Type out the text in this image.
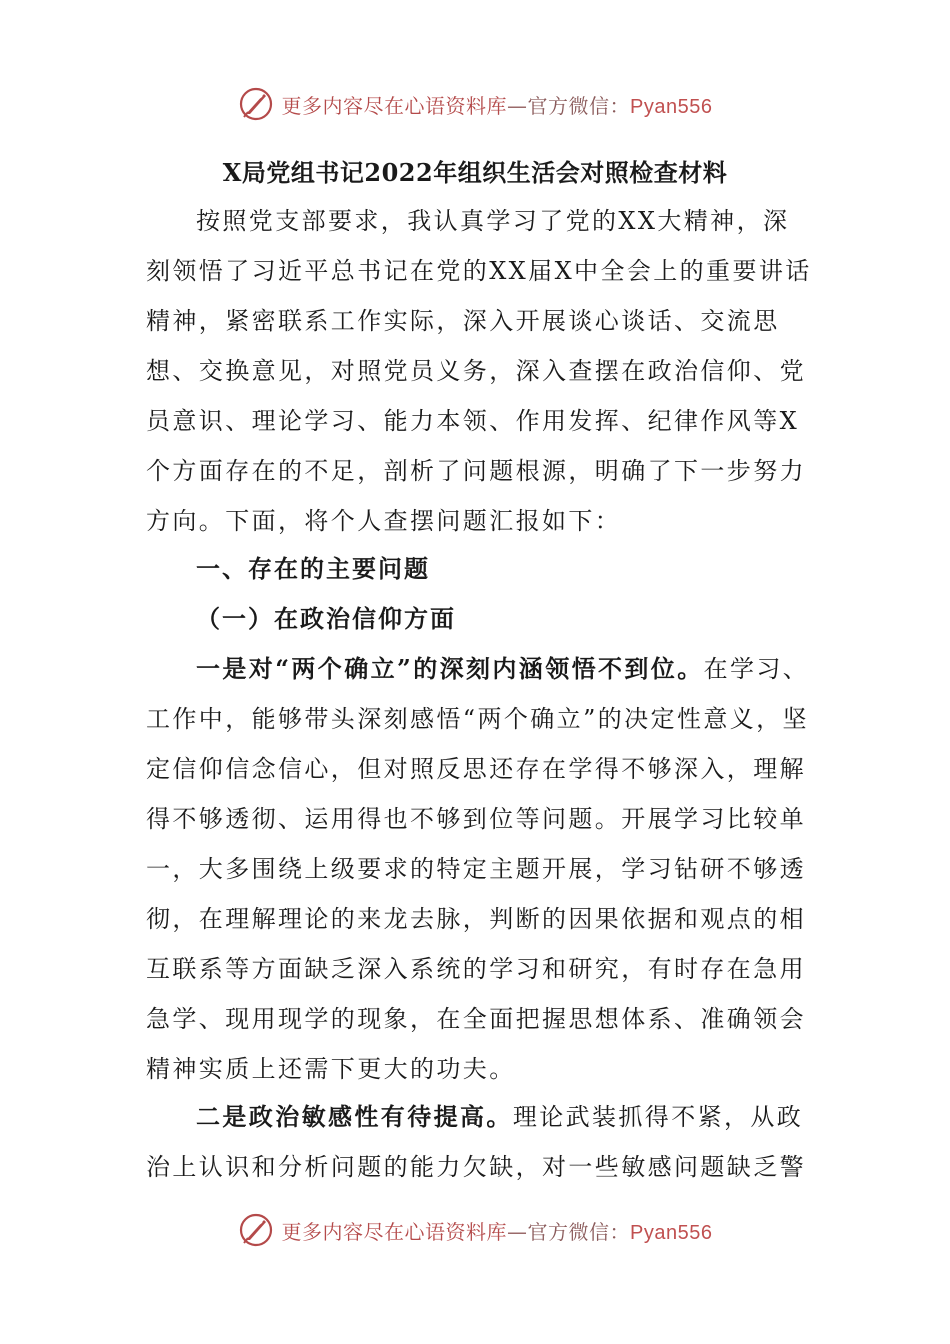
更多内容尽在心语资料库—官方微信：Pyan556
X局党组书记2022年组织生活会对照检查材料

按照党支部要求，我认真学习了党的XX大精神，深刻领悟了习近平总书记在党的XX届X中全会上的重要讲话精神，紧密联系工作实际，深入开展谈心谈话、交流思想、交换意见，对照党员义务，深入查摆在政治信仰、党员意识、理论学习、能力本领、作用发挥、纪律作风等X个方面存在的不足，剖析了问题根源，明确了下一步努力方向。下面，将个人查摆问题汇报如下：

一、存在的主要问题

（一）在政治信仰方面

一是对“两个确立”的深刻内涵领悟不到位。在学习、工作中，能够带头深刻感悟“两个确立”的决定性意义，坚定信仰信念信心，但对照反思还存在学得不够深入，理解得不够透彻、运用得也不够到位等问题。开展学习比较单一，大多围绕上级要求的特定主题开展，学习钻研不够透彻，在理解理论的来龙去脉，判断的因果依据和观点的相互联系等方面缺乏深入系统的学习和研究，有时存在急用急学、现用现学的现象，在全面把握思想体系、准确领会精神实质上还需下更大的功夫。

二是政治敏感性有待提高。理论武装抓得不紧，从政治上认识和分析问题的能力欠缺，对一些敏感问题缺乏警

更多内容尽在心语资料库—官方微信：Pyan556
